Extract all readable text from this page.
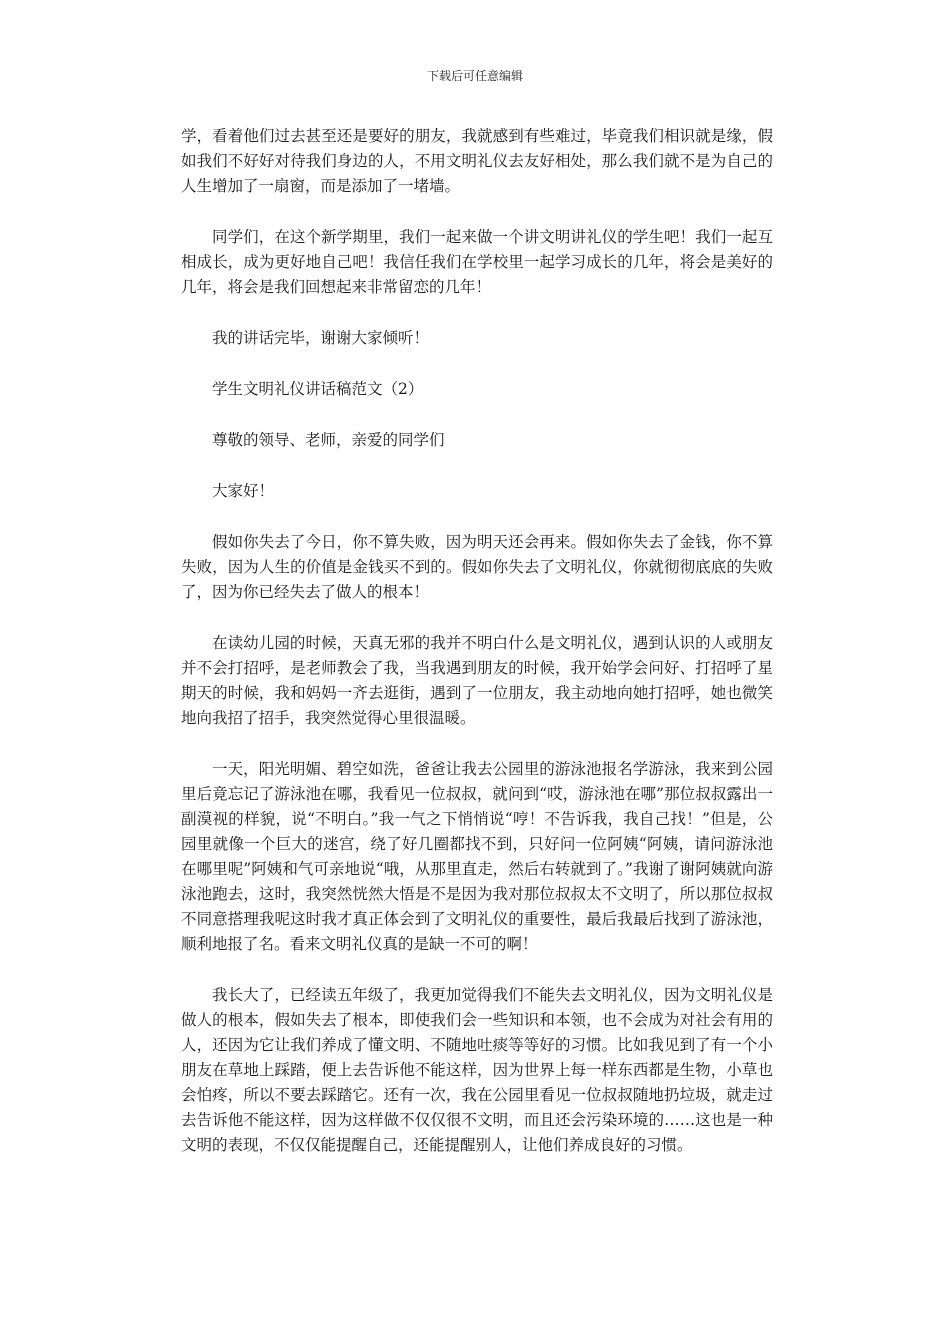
下载后可任意编辑

学，看着他们过去甚至还是要好的朋友，我就感到有些难过，毕竟我们相识就是缘，假如我们不好好对待我们身边的人，不用文明礼仪去友好相处，那么我们就不是为自己的人生增加了一扇窗，而是添加了一堵墙。

同学们，在这个新学期里，我们一起来做一个讲文明讲礼仪的学生吧！我们一起互相成长，成为更好地自己吧！我信任我们在学校里一起学习成长的几年，将会是美好的几年，将会是我们回想起来非常留恋的几年！

我的讲话完毕，谢谢大家倾听！

学生文明礼仪讲话稿范文（2）

尊敬的领导、老师，亲爱的同学们

大家好！

假如你失去了今日，你不算失败，因为明天还会再来。假如你失去了金钱，你不算失败，因为人生的价值是金钱买不到的。假如你失去了文明礼仪，你就彻彻底底的失败了，因为你已经失去了做人的根本！

在读幼儿园的时候，天真无邪的我并不明白什么是文明礼仪，遇到认识的人或朋友并不会打招呼，是老师教会了我，当我遇到朋友的时候，我开始学会问好、打招呼了星期天的时候，我和妈妈一齐去逛街，遇到了一位朋友，我主动地向她打招呼，她也微笑地向我招了招手，我突然觉得心里很温暖。

一天，阳光明媚、碧空如洗，爸爸让我去公园里的游泳池报名学游泳，我来到公园里后竟忘记了游泳池在哪，我看见一位叔叔，就问到“哎，游泳池在哪”那位叔叔露出一副漠视的样貌，说“不明白。”我一气之下悄悄说“哼！不告诉我，我自己找！”但是，公园里就像一个巨大的迷宫，绕了好几圈都找不到，只好问一位阿姨“阿姨，请问游泳池在哪里呢”阿姨和气可亲地说“哦，从那里直走，然后右转就到了。”我谢了谢阿姨就向游泳池跑去，这时，我突然恍然大悟是不是因为我对那位叔叔太不文明了，所以那位叔叔不同意搭理我呢这时我才真正体会到了文明礼仪的重要性，最后我最后找到了游泳池，顺利地报了名。看来文明礼仪真的是缺一不可的啊！

我长大了，已经读五年级了，我更加觉得我们不能失去文明礼仪，因为文明礼仪是做人的根本，假如失去了根本，即使我们会一些知识和本领，也不会成为对社会有用的人，还因为它让我们养成了懂文明、不随地吐痰等等好的习惯。比如我见到了有一个小朋友在草地上踩踏，便上去告诉他不能这样，因为世界上每一样东西都是生物，小草也会怕疼，所以不要去踩踏它。还有一次，我在公园里看见一位叔叔随地扔垃圾，就走过去告诉他不能这样，因为这样做不仅仅很不文明，而且还会污染环境的……这也是一种文明的表现，不仅仅能提醒自己，还能提醒别人，让他们养成良好的习惯。
